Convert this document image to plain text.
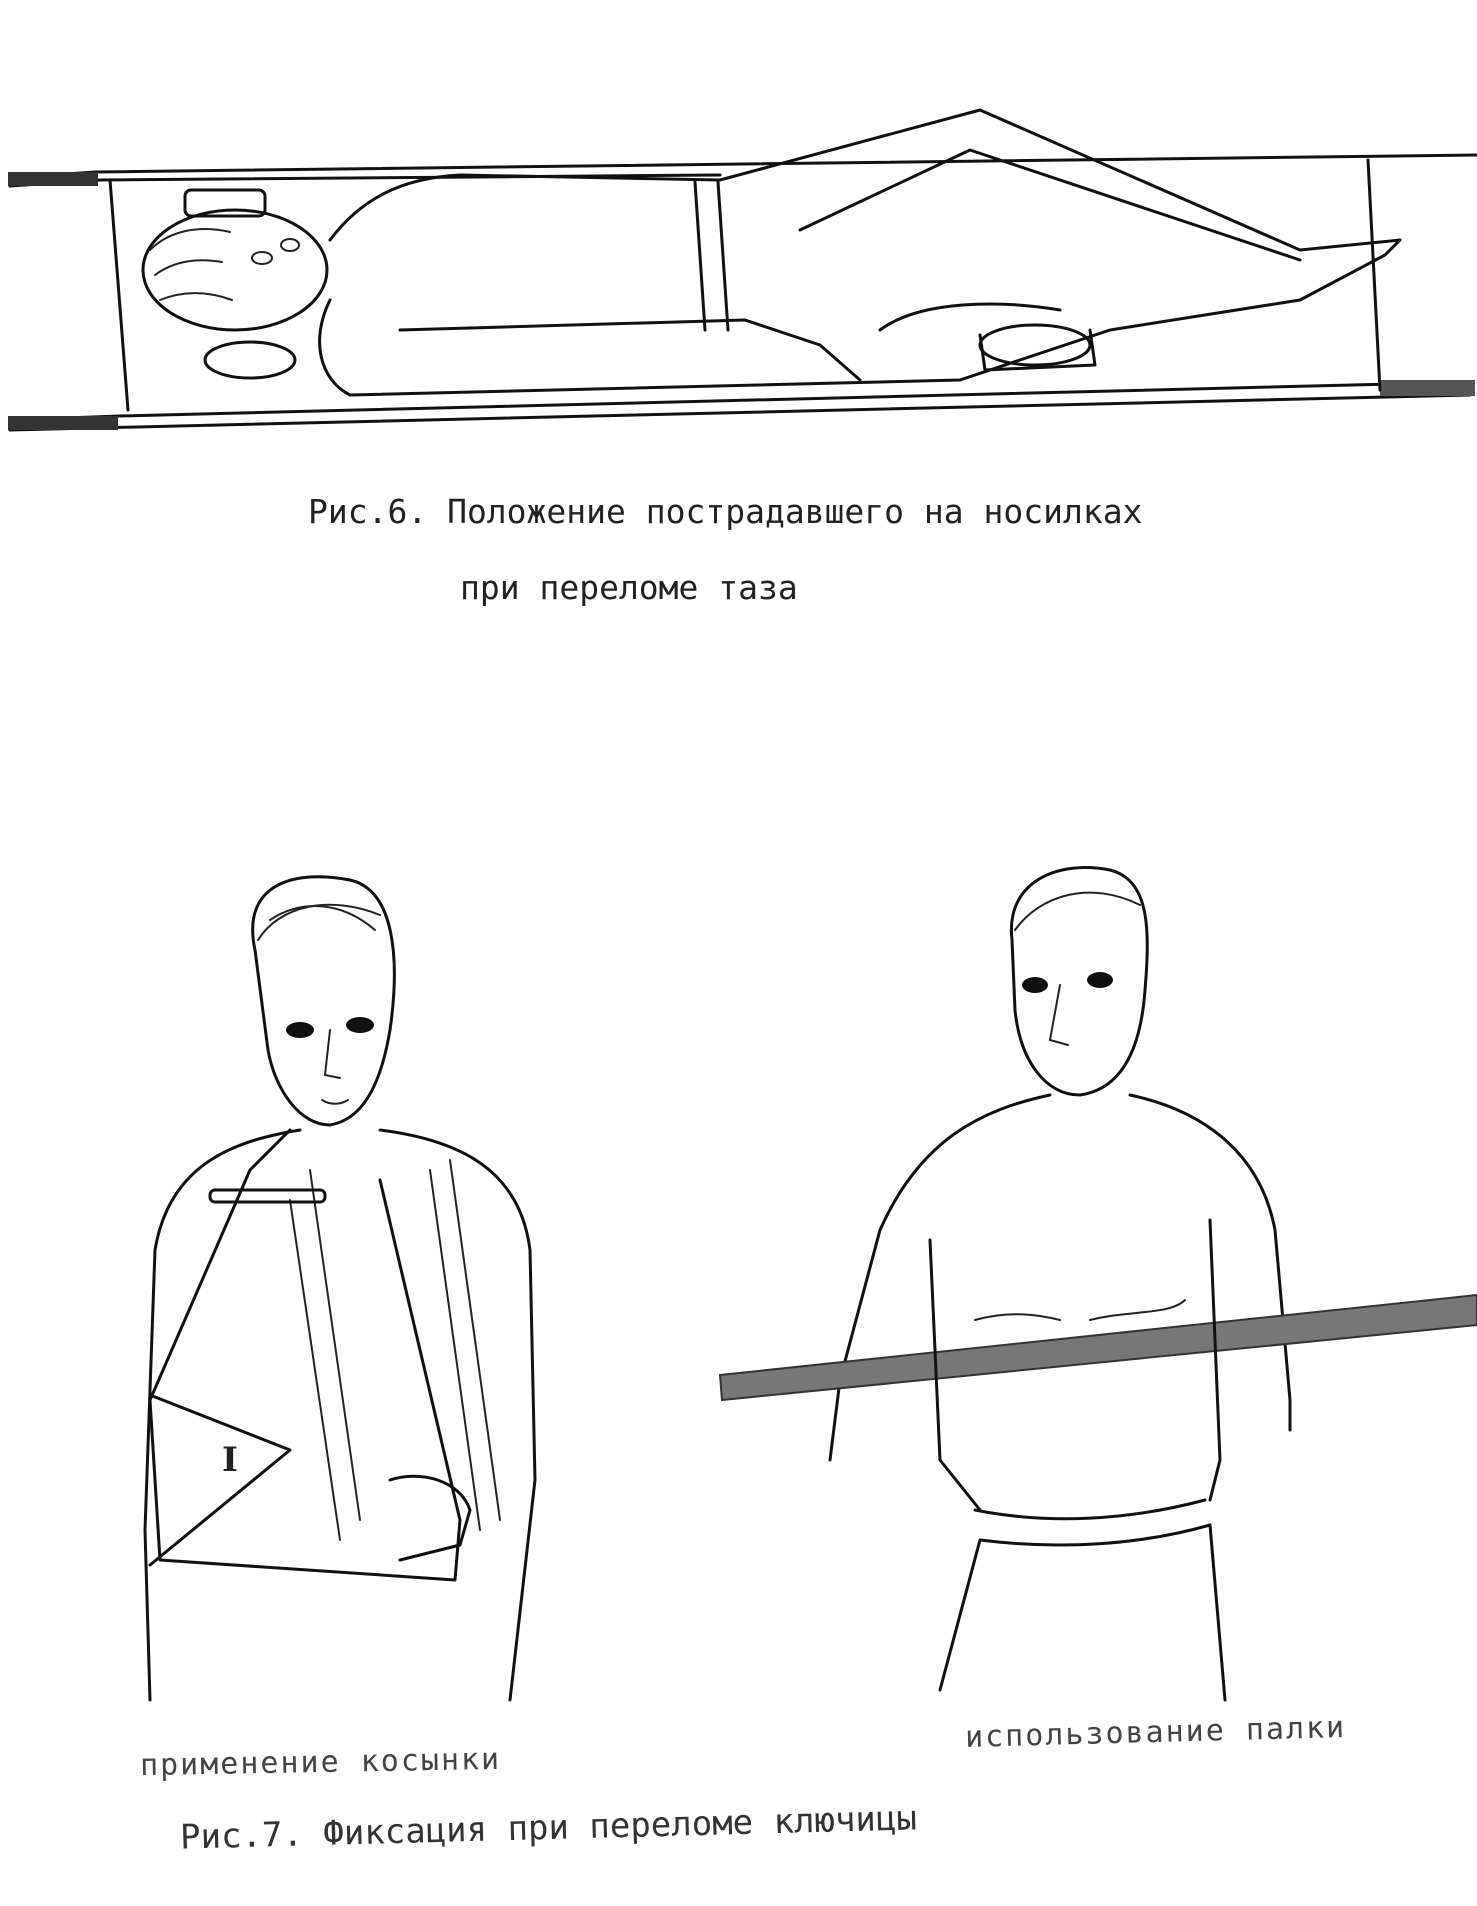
Рис.6. Положение пострадавшего на носилках
при переломе таза
применение косынки
использование палки
Рис.7. Фиксация при переломе ключицы
I
